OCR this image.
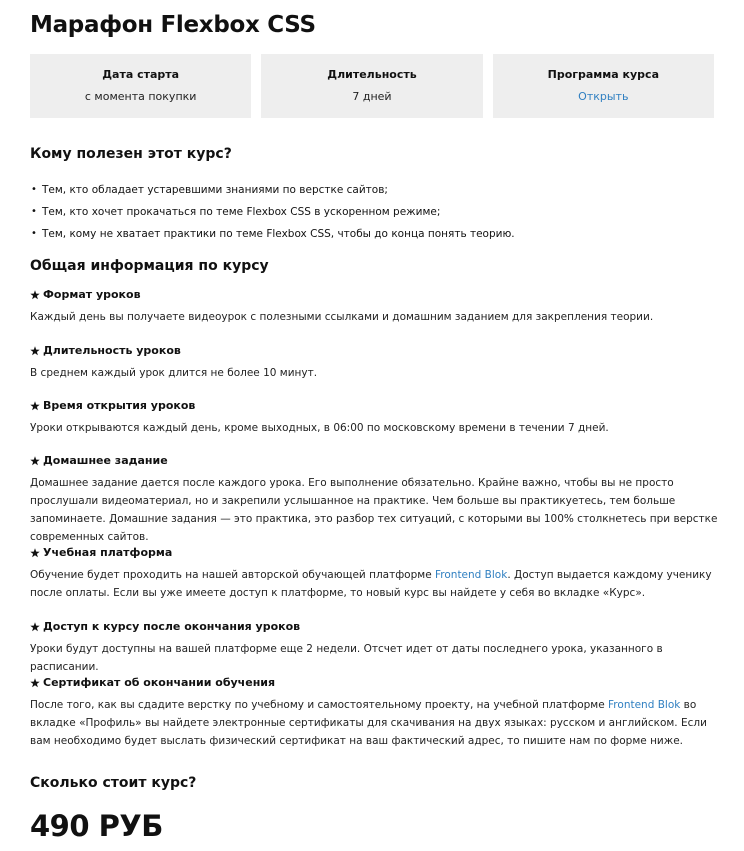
Марафон Flexbox CSS
Дата старта
с момента покупки
Длительность
7 дней
Программа курса
Открыть
Кому полезен этот курс?
• Тем, кто обладает устаревшими знаниями по верстке сайтов;
• Тем, кто хочет прокачаться по теме Flexbox CSS в ускоренном режиме;
• Тем, кому не хватает практики по теме Flexbox CSS, чтобы до конца понять теорию.
Общая информация по курсу
Формат уроков
Каждый день вы получаете видеоурок с полезными ссылками и домашним заданием для закрепления теории.
Длительность уроков
В среднем каждый урок длится не более 10 минут.
Время открытия уроков
Уроки открываются каждый день, кроме выходных, в 06:00 по московскому времени в течении 7 дней.
Домашнее задание
Домашнее задание дается после каждого урока. Его выполнение обязательно. Крайне важно, чтобы вы не просто прослушали видеоматериал, но и закрепили услышанное на практике. Чем больше вы практикуетесь, тем больше запоминаете. Домашние задания — это практика, это разбор тех ситуаций, с которыми вы 100% столкнетесь при верстке современных сайтов.
Учебная платформа
Обучение будет проходить на нашей авторской обучающей платформе Frontend Blok. Доступ выдается каждому ученику после оплаты. Если вы уже имеете доступ к платформе, то новый курс вы найдете у себя во вкладке «Курс».
Доступ к курсу после окончания уроков
Уроки будут доступны на вашей платформе еще 2 недели. Отсчет идет от даты последнего урока, указанного в расписании.
Сертификат об окончании обучения
После того, как вы сдадите верстку по учебному и самостоятельному проекту, на учебной платформе Frontend Blok во вкладке «Профиль» вы найдете электронные сертификаты для скачивания на двух языках: русском и английском. Если вам необходимо будет выслать физический сертификат на ваш фактический адрес, то пишите нам по форме ниже.
Сколько стоит курс?
490 РУБ
